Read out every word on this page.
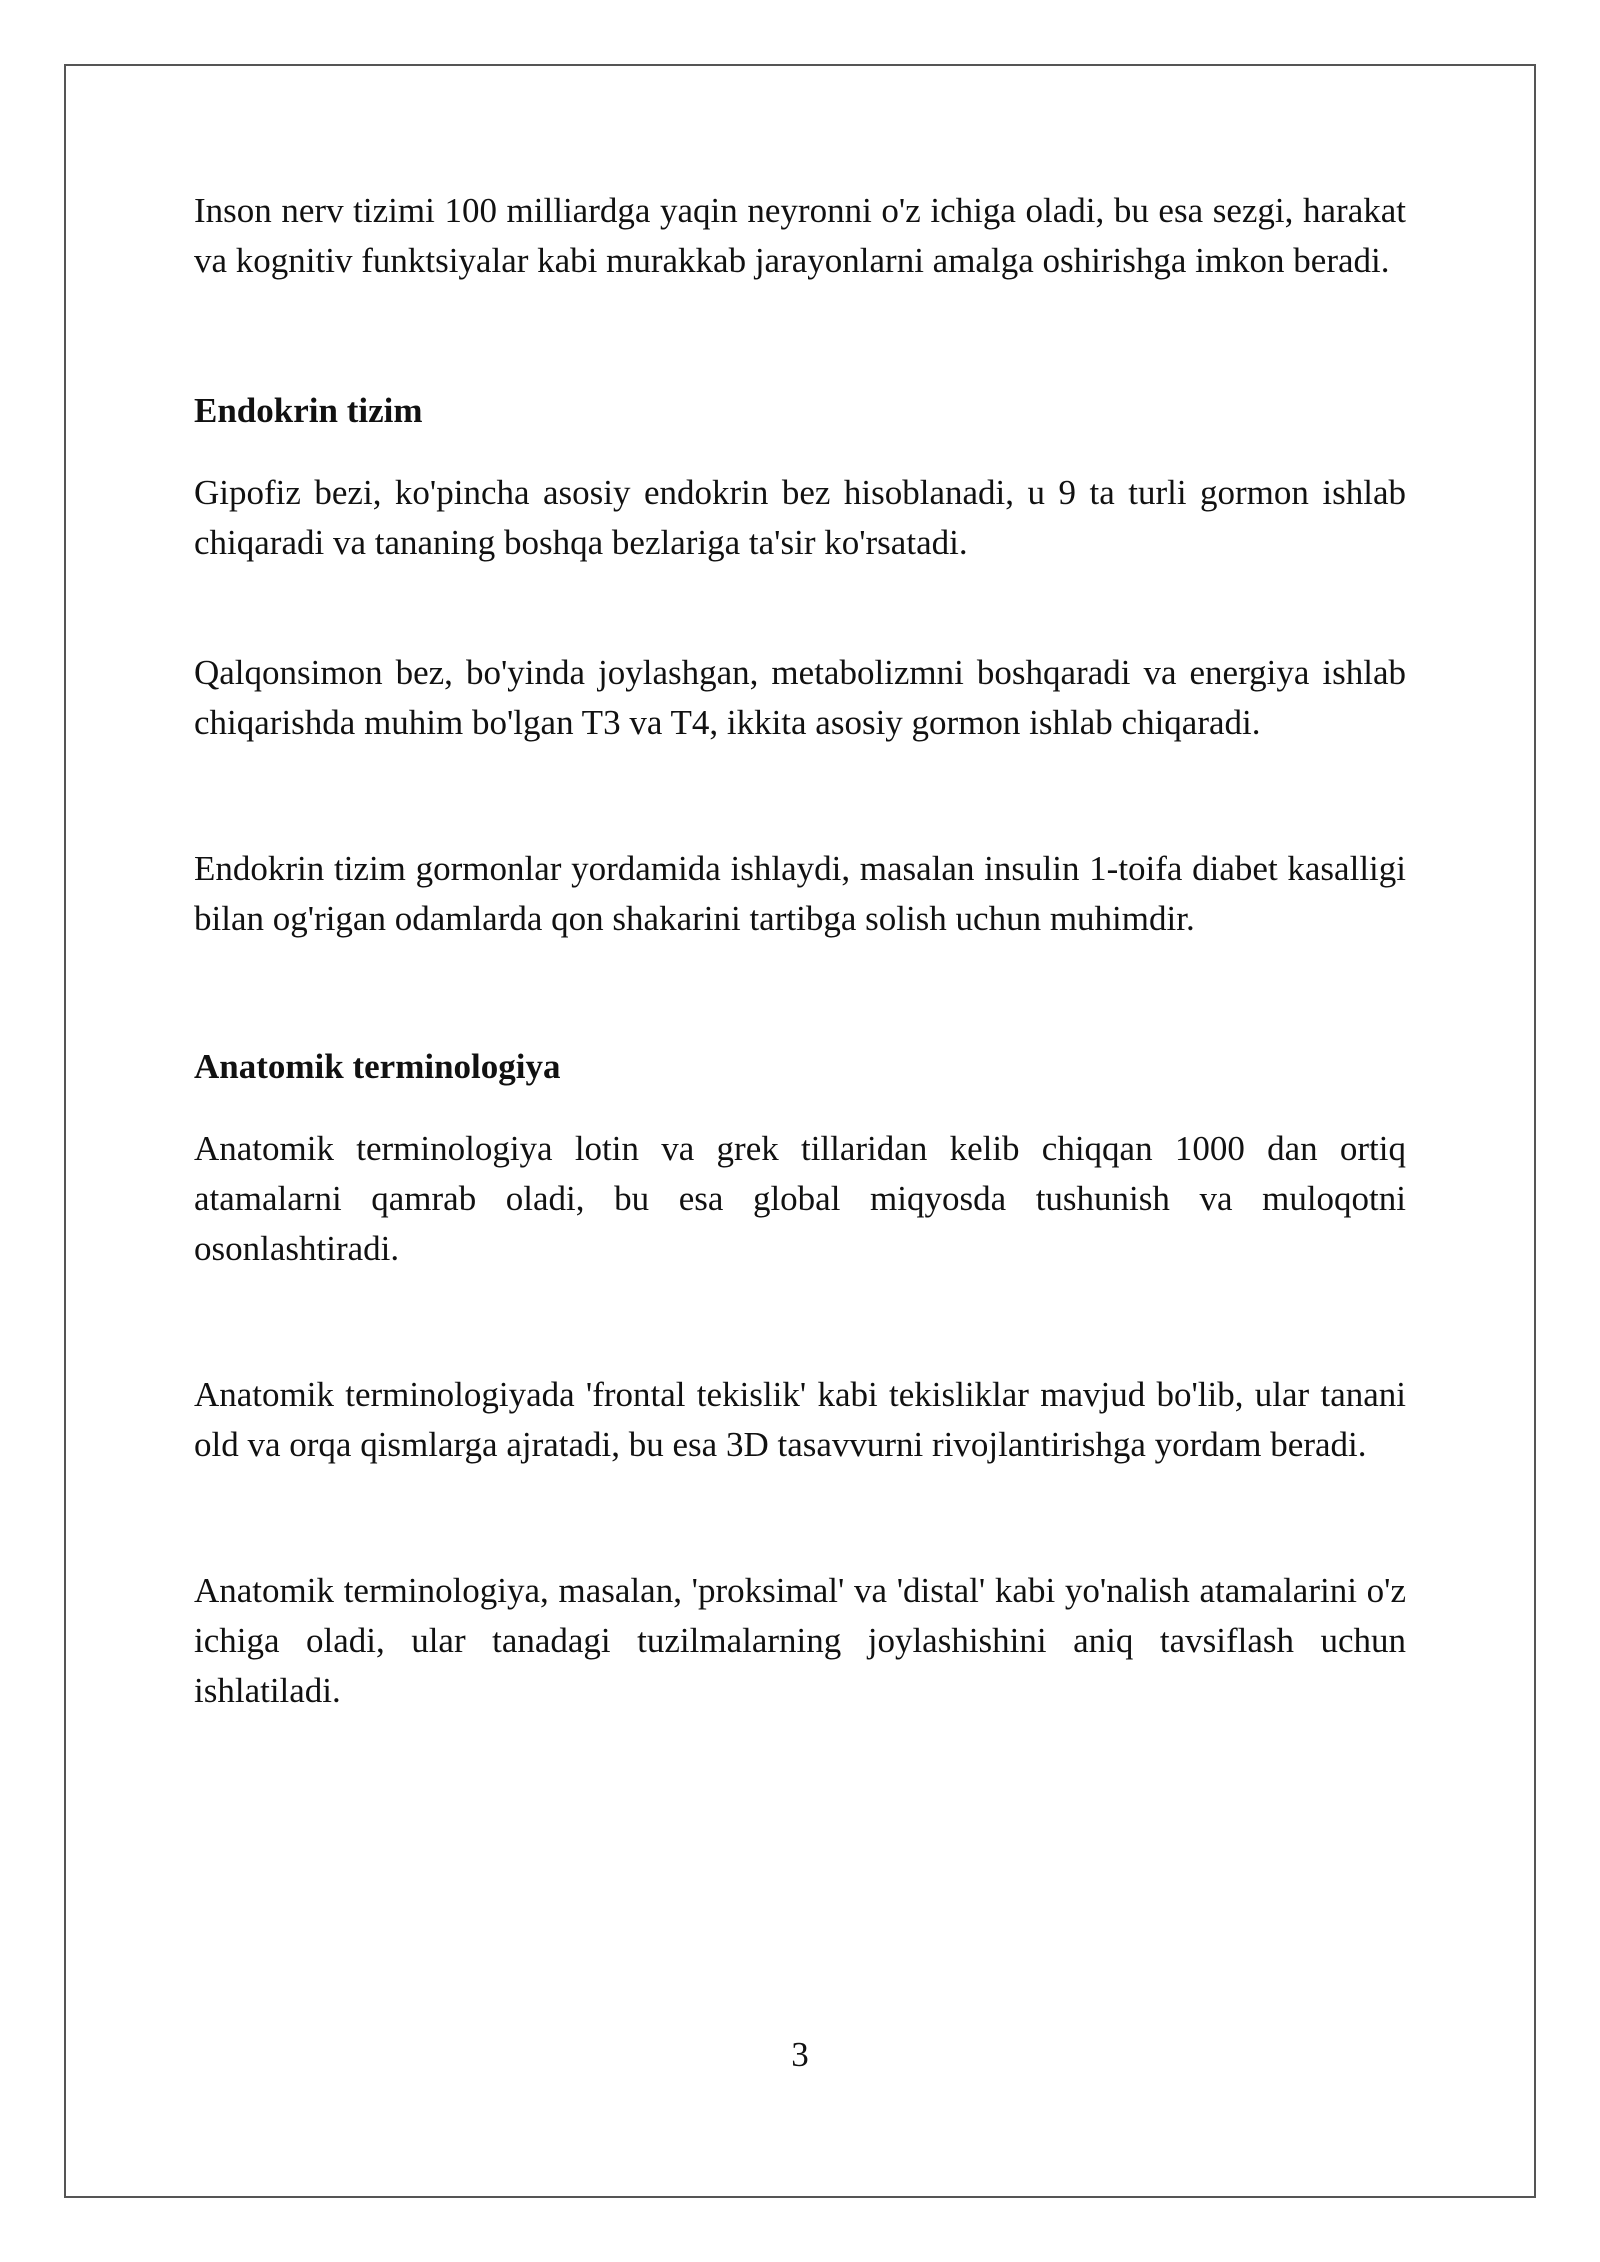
Inson nerv tizimi 100 milliardga yaqin neyronni o'z ichiga oladi, bu esa sezgi, harakat va kognitiv funktsiyalar kabi murakkab jarayonlarni amalga oshirishga imkon beradi.

Endokrin tizim

Gipofiz bezi, ko'pincha asosiy endokrin bez hisoblanadi, u 9 ta turli gormon ishlab chiqaradi va tananing boshqa bezlariga ta'sir ko'rsatadi.

Qalqonsimon bez, bo'yinda joylashgan, metabolizmni boshqaradi va energiya ishlab chiqarishda muhim bo'lgan T3 va T4, ikkita asosiy gormon ishlab chiqaradi.

Endokrin tizim gormonlar yordamida ishlaydi, masalan insulin 1-toifa diabet kasalligi bilan og'rigan odamlarda qon shakarini tartibga solish uchun muhimdir.

Anatomik terminologiya

Anatomik terminologiya lotin va grek tillaridan kelib chiqqan 1000 dan ortiq atamalarni qamrab oladi, bu esa global miqyosda tushunish va muloqotni osonlashtiradi.

Anatomik terminologiyada 'frontal tekislik' kabi tekisliklar mavjud bo'lib, ular tanani old va orqa qismlarga ajratadi, bu esa 3D tasavvurni rivojlantirishga yordam beradi.

Anatomik terminologiya, masalan, 'proksimal' va 'distal' kabi yo'nalish atamalarini o'z ichiga oladi, ular tanadagi tuzilmalarning joylashishini aniq tavsiflash uchun ishlatiladi.

3
